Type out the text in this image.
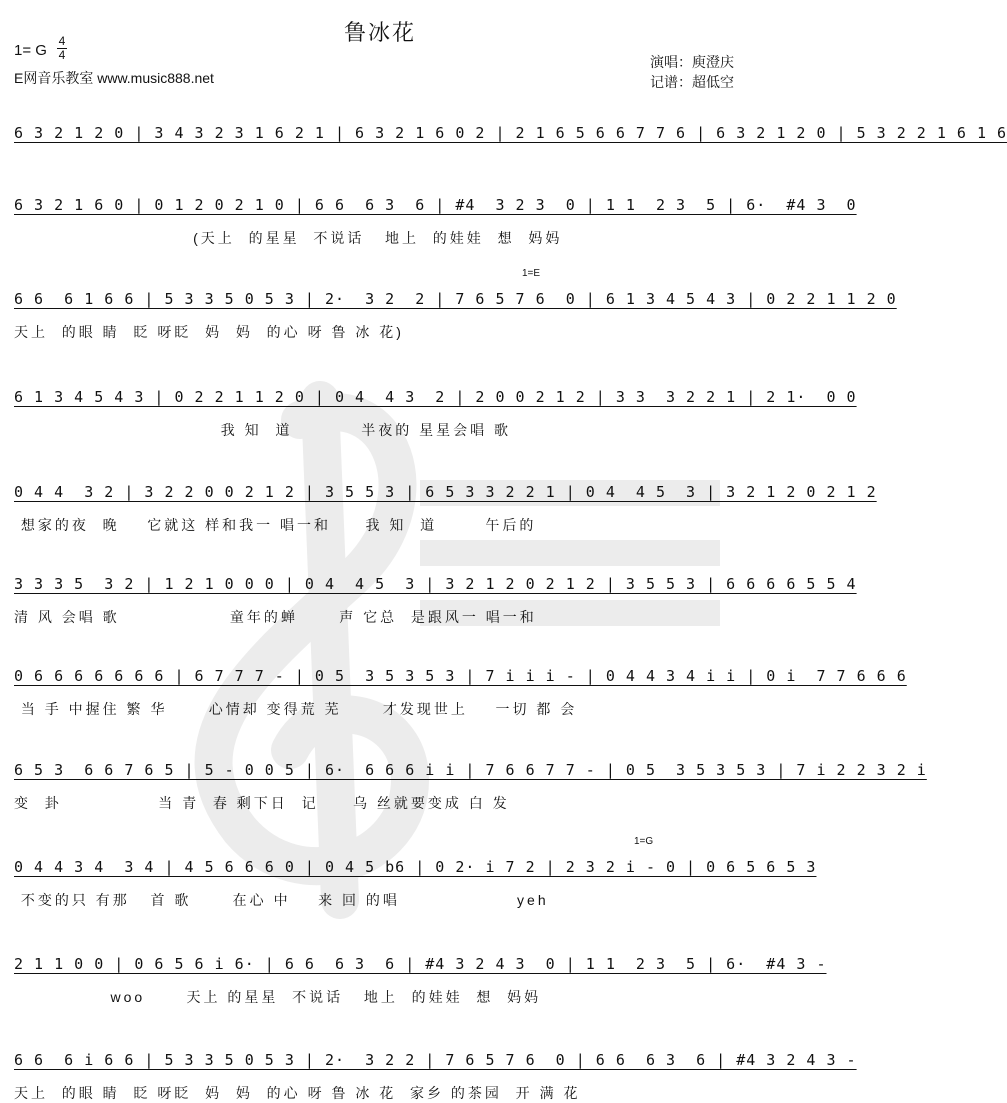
鲁冰花
1= G
4
4
E网音乐教室 www.music888.net
演唱：庾澄庆
记谱：超低空
6 3 2 1 2 0 | 3 4 3 2 3 1 6 2 1 | 6 3 2 1 6 0 2 | 2 1 6 5 6 6 7 7 6 | 6 3 2 1 2 0 | 5 3 2 2 1 6 1 6
6 3 2 1 6 0 | 0 1 2 0 2 1 0 | 6 6  6 3  6 | #4  3 2 3  0 | 1 1  2 3  5 | 6·  #4 3  0
(天上  的星星  不说话   地上  的娃娃  想  妈妈
6 6  6 1 6 6 | 5 3 3 5 0 5 3 | 2·  3 2  2 | 7 6 5 7 6  0 | 6 1 3 4 5 4 3 | 0 2 2 1 1 2 0
天上  的眼 睛  眨 呀眨  妈  妈  的心 呀 鲁 冰 花)
1=E
6 1 3 4 5 4 3 | 0 2 2 1 1 2 0 | 0 4  4 3  2 | 2 0 0 2 1 2 | 3 3  3 2 2 1 | 2 1·  0 0
我 知  道          半夜的 星星会唱 歌
0 4 4  3 2 | 3 2 2 0 0 2 1 2 | 3 5 5 3 | 6 5 3 3 2 2 1 | 0 4  4 5  3 | 3 2 1 2 0 2 1 2
想家的夜  晚    它就这 样和我一 唱一和     我 知  道       午后的
3 3 3 5  3 2 | 1 2 1 0 0 0 | 0 4  4 5  3 | 3 2 1 2 0 2 1 2 | 3 5 5 3 | 6 6 6 6 5 5 4
清 风 会唱 歌                童年的蝉      声 它总  是跟风一 唱一和
0 6 6 6 6 6 6 6 | 6 7 7 7 - | 0 5  3 5 3 5 3 | 7 i i i - | 0 4 4 3 4 i i | 0 i  7 7 6 6 6
当 手 中握住 繁 华      心情却 变得荒 芜      才发现世上    一切 都 会
6 5 3  6 6 7 6 5 | 5 - 0 0 5 | 6·  6 6 6 i i | 7 6 6 7 7 - | 0 5  3 5 3 5 3 | 7 i 2 2 3 2 i
变  卦              当 青  春 剩下日  记     乌 丝就要变成 白 发
0 4 4 3 4  3 4 | 4 5 6 6 6 0 | 0 4 5 b6 | 0 2· i 7 2 | 2 3 2 i - 0 | 0 6 5 6 5 3
不变的只 有那   首 歌      在心 中    来 回 的唱                 yeh
1=G
2 1 1 0 0 | 0 6 5 6 i 6· | 6 6  6 3  6 | #4 3 2 4 3  0 | 1 1  2 3  5 | 6·  #4 3 -
woo      天上 的星星  不说话   地上  的娃娃  想  妈妈
6 6  6 i 6 6 | 5 3 3 5 0 5 3 | 2·  3 2 2 | 7 6 5 7 6  0 | 6 6  6 3  6 | #4 3 2 4 3 -
天上  的眼 睛  眨 呀眨  妈  妈  的心 呀 鲁 冰 花  家乡 的茶园  开 满 花
